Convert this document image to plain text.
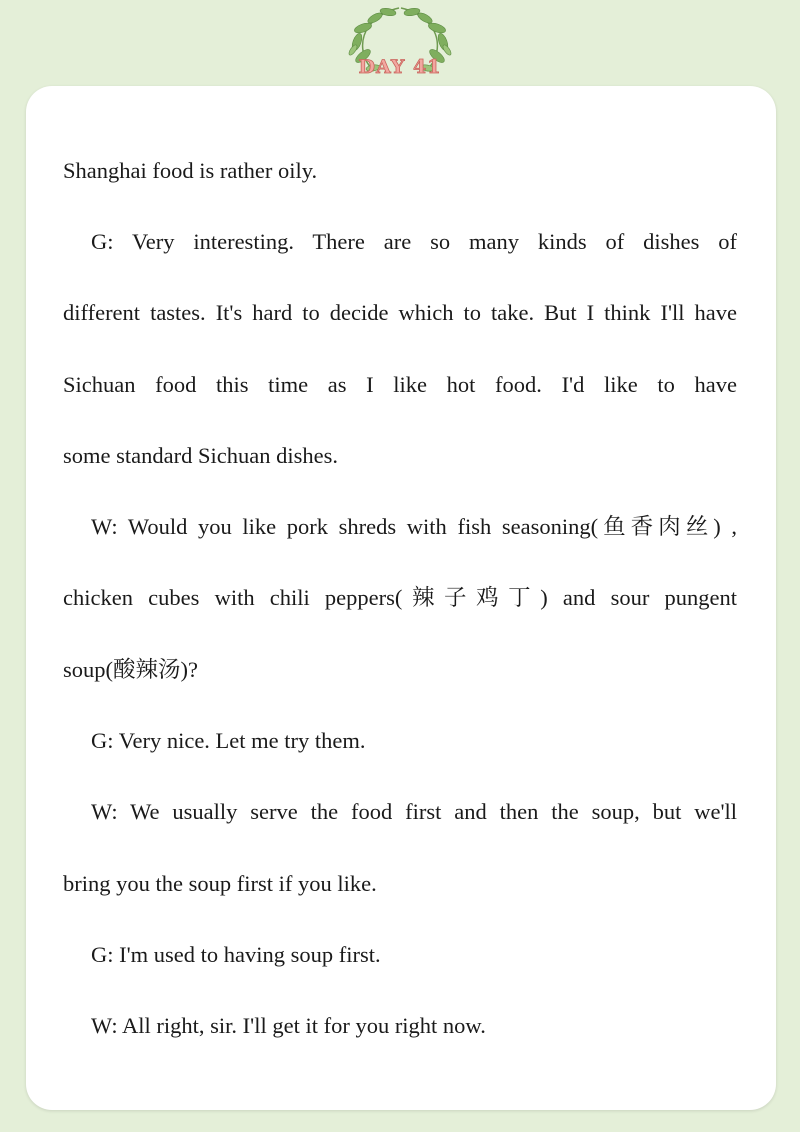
DAY 41
Shanghai food is rather oily.
G: Very interesting. There are so many kinds of dishes of
different tastes. It's hard to decide which to take. But I think I'll have
Sichuan food this time as I like hot food. I'd like to have
some standard Sichuan dishes.
W: Would you like pork shreds with fish seasoning(鱼香肉丝) ,
chicken cubes with chili peppers(辣子鸡丁) and sour pungent
soup(酸辣汤)?
G: Very nice. Let me try them.
W: We usually serve the food first and then the soup, but we'll
bring you the soup first if you like.
G: I'm used to having soup first.
W: All right, sir. I'll get it for you right now.
